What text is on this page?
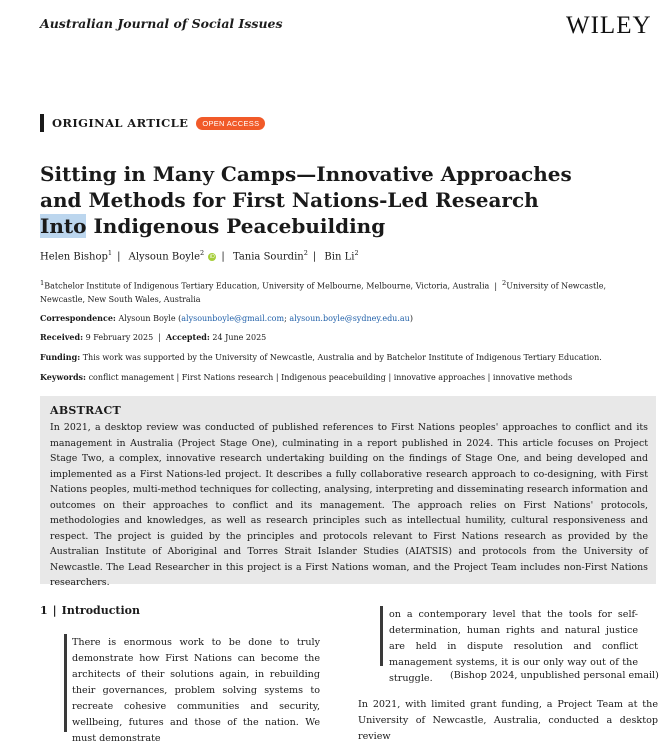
Australian Journal of Social Issues	WILEY
ORIGINAL ARTICLE	OPEN ACCESS
Sitting in Many Camps—Innovative Approaches and Methods for First Nations-Led Research Into Indigenous Peacebuilding
Helen Bishop$^1$ | Alysoun Boyle$^2$ iD | Tania Sourdin$^2$ | Bin Li$^2$
$^1$Batchelor Institute of Indigenous Tertiary Education, University of Melbourne, Melbourne, Victoria, Australia | $^2$University of Newcastle, Newcastle, New South Wales, Australia
Correspondence: Alysoun Boyle (alysounboyle@gmail.com; alysoun.boyle@sydney.edu.au)
Received: 9 February 2025 | Accepted: 24 June 2025
Funding: This work was supported by the University of Newcastle, Australia and by Batchelor Institute of Indigenous Tertiary Education.
Keywords: conflict management | First Nations research | Indigenous peacebuilding | innovative approaches | innovative methods
ABSTRACT
In 2021, a desktop review was conducted of published references to First Nations peoples' approaches to conflict and its management in Australia (Project Stage One), culminating in a report published in 2024. This article focuses on Project Stage Two, a complex, innovative research undertaking building on the findings of Stage One, and being developed and implemented as a First Nations-led project. It describes a fully collaborative research approach to co-designing, with First Nations peoples, multi-method techniques for collecting, analysing, interpreting and disseminating research information and outcomes on their approaches to conflict and its management. The approach relies on First Nations' protocols, methodologies and knowledges, as well as research principles such as intellectual humility, cultural responsiveness and respect. The project is guided by the principles and protocols relevant to First Nations research as provided by the Australian Institute of Aboriginal and Torres Strait Islander Studies (AIATSIS) and protocols from the University of Newcastle. The Lead Researcher in this project is a First Nations woman, and the Project Team includes non-First Nations researchers.
1 | Introduction
There is enormous work to be done to truly demonstrate how First Nations can become the architects of their solutions again, in rebuilding their governances, problem solving systems to recreate cohesive communities and security, wellbeing, futures and those of the nation. We must demonstrate
on a contemporary level that the tools for self-determination, human rights and natural justice are held in dispute resolution and conflict management systems, it is our only way out of the struggle.	(Bishop 2024, unpublished personal email)
In 2021, with limited grant funding, a Project Team at the University of Newcastle, Australia, conducted a desktop review
